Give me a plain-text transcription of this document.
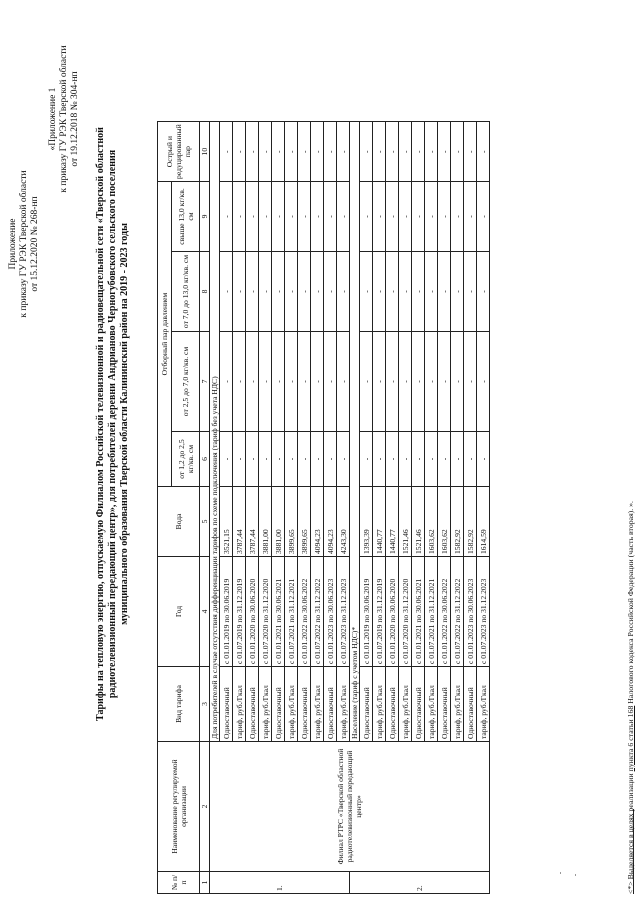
Приложение к приказу ГУ РЭК Тверской области от 15.12.2020 № 268-нп
«Приложение 1 к приказу ГУ РЭК Тверской области от 19.12.2018 № 304-нп
Тарифы на тепловую энергию, отпускаемую Филиалом Российской телевизионной и радиовещательной сети «Тверской областной радиотелевизионный передающий центр», для потребителей деревни Андрианово Черногубовского сельского поселения муниципального образования Тверской области Калининский район на 2019 - 2023 годы
№ п/п	Наименование регулируемой организации	Вид тарифа	Год	Вода	Отборный пар давлением				Острый и редуцированный пар
					от 1,2 до 2,5 кг/кв. см	от 2,5 до 7,0 кг/кв. см	от 7,0 до 13,0 кг/кв. см	свыше 13,0 кг/кв. см	

1	2	3	4	5	6	7	8	9	10
1.	Филиал РТРС «Тверской областной радиотелевизионный передающий центр»	Для потребителей в случае отсутствия дифференциации тарифов по схеме подключения (тариф без учета НДС)							
		Одноставочный	с 01.01.2019 по 30.06.2019	3521,15	-	-	-	-	-
		тариф, руб./Гкал	с 01.07.2019 по 31.12.2019	3787,44	-	-	-	-	-
		Одноставочный	с 01.01.2020 по 30.06.2020	3787,44	-	-	-	-	-
		тариф, руб./Гкал	с 01.07.2020 по 31.12.2020	3881,00	-	-	-	-	-
		Одноставочный	с 01.01.2021 по 30.06.2021	3881,00	-	-	-	-	-
		тариф, руб./Гкал	с 01.07.2021 по 31.12.2021	3899,65	-	-	-	-	-
		Одноставочный	с 01.01.2022 по 30.06.2022	3899,65	-	-	-	-	-
		тариф, руб./Гкал	с 01.07.2022 по 31.12.2022	4094,23	-	-	-	-	-
		Одноставочный	с 01.01.2023 по 30.06.2023	4094,23	-	-	-	-	-
		тариф, руб./Гкал	с 01.07.2023 по 31.12.2023	4243,30	-	-	-	-	-
2.		Население (тариф с учетом НДС)*							
		Одноставочный	с 01.01.2019 по 30.06.2019	1393,39	-	-	-	-	-
		тариф, руб./Гкал	с 01.07.2019 по 31.12.2019	1440,77	-	-	-	-	-
		Одноставочный	с 01.01.2020 по 30.06.2020	1440,77	-	-	-	-	-
		тариф, руб./Гкал	с 01.07.2020 по 31.12.2020	1521,46	-	-	-	-	-
		Одноставочный	с 01.01.2021 по 30.06.2021	1521,46	-	-	-	-	-
		тариф, руб./Гкал	с 01.07.2021 по 31.12.2021	1603,62	-	-	-	-	-
		Одноставочный	с 01.01.2022 по 30.06.2022	1603,62	-	-	-	-	-
		тариф, руб./Гкал	с 01.07.2022 по 31.12.2022	1582,92	-	-	-	-	-
		Одноставочный	с 01.01.2023 по 30.06.2023	1582,92	-	-	-	-	-
		тариф, руб./Гкал	с 01.07.2023 по 31.12.2023	1614,59	-	-	-	-	-
<*> Выделяется в целях реализации пункта 6 статьи 168 Налогового кодекса Российской Федерации (часть вторая). ».
